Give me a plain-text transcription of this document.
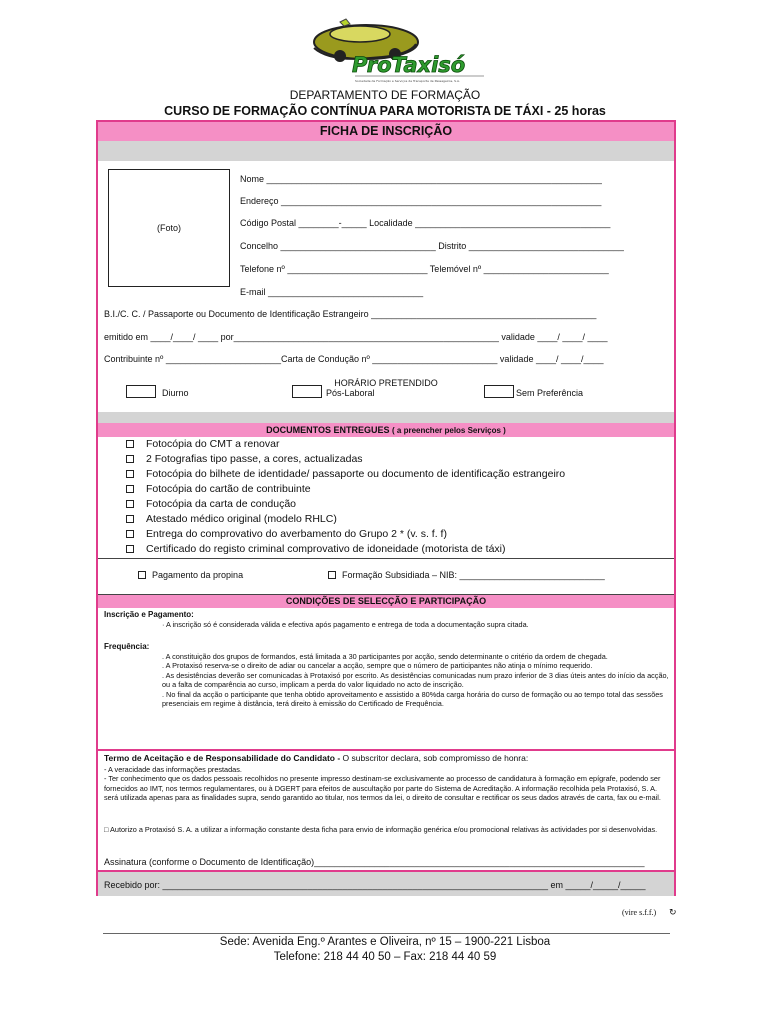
ProTaxisó
Sociedade de Formação e Serviços de Transporte de Passageiros, S.A.
DEPARTAMENTO DE FORMAÇÃO
CURSO DE FORMAÇÃO CONTÍNUA PARA MOTORISTA DE TÁXI - 25 horas
FICHA DE INSCRIÇÃO
(Foto)
Nome ___________________________________________________________________
Endereço ________________________________________________________________
Código Postal ________-_____ Localidade _______________________________________
Concelho _______________________________ Distrito _______________________________
Telefone nº ____________________________ Telemóvel nº _________________________
E-mail _______________________________
B.I./C. C. / Passaporte ou Documento de Identificação Estrangeiro _____________________________________________
emitido em ____/____/ ____ por_____________________________________________________ validade ____/ ____/ ____
Contribuinte nº _______________________Carta de Condução nº _________________________ validade ____/ ____/____
HORÁRIO PRETENDIDO
Diurno	Pós-Laboral	Sem Preferência
DOCUMENTOS ENTREGUES ( a preencher pelos Serviços )
Fotocópia do CMT a renovar
2 Fotografias tipo passe, a cores, actualizadas
Fotocópia do bilhete de identidade/ passaporte ou documento de identificação estrangeiro
Fotocópia do cartão de contribuinte
Fotocópia da carta de condução
Atestado médico original (modelo RHLC)
Entrega do comprovativo do averbamento do Grupo 2 * (v. s. f. f)
Certificado do registo criminal comprovativo de idoneidade (motorista de táxi)
Pagamento da propina	Formação Subsidiada – NIB: _____________________________
CONDIÇÕES DE SELECÇÃO E PARTICIPAÇÃO
Inscrição e Pagamento:
· A inscrição só é considerada válida e efectiva após pagamento e entrega de toda a documentação supra citada.
Frequência:
. A constituição dos grupos de formandos, está limitada a 30 participantes por acção, sendo determinante o critério da ordem de chegada.
. A Protaxisó reserva-se o direito de adiar ou cancelar a acção, sempre que o número de participantes não atinja o mínimo requerido.
. As desistências deverão ser comunicadas à Protaxisó por escrito. As desistências comunicadas num prazo inferior de 3 dias úteis antes do início da acção, ou a falta de comparência ao curso, implicam a perda do valor liquidado no acto de inscrição.
. No final da acção o participante que tenha obtido aproveitamento e assistido a 80%da carga horária do curso de formação ou ao tempo total das sessões presenciais em regime à distância, terá direito à emissão do Certificado de Frequência.
Termo de Aceitação e de Responsabilidade do Candidato - O subscritor declara, sob compromisso de honra:
- A veracidade das informações prestadas.
- Ter conhecimento que os dados pessoais recolhidos no presente impresso destinam-se exclusivamente ao processo de candidatura à formação em epígrafe, podendo ser fornecidos ao IMT, nos termos regulamentares, ou à DGERT para efeitos de auscultação por parte do Sistema de Acreditação. A informação recolhida pela Protaxisó, S. A. será utilizada apenas para as finalidades supra, sendo garantido ao titular, nos termos da lei, o direito de consultar e rectificar os seus dados através de carta, fax ou e-mail.
□ Autorizo a Protaxisó S. A. a utilizar a informação constante desta ficha para envio de informação genérica e/ou promocional relativas às actividades por si desenvolvidas.
Assinatura (conforme o Documento de Identificação)__________________________________________________________________
Recebido por: _____________________________________________________________________________ em _____/_____/_____
(vire s.f.f.) ↻
Sede: Avenida Eng.º Arantes e Oliveira, nº 15 – 1900-221 Lisboa
Telefone: 218 44 40 50 – Fax: 218 44 40 59
